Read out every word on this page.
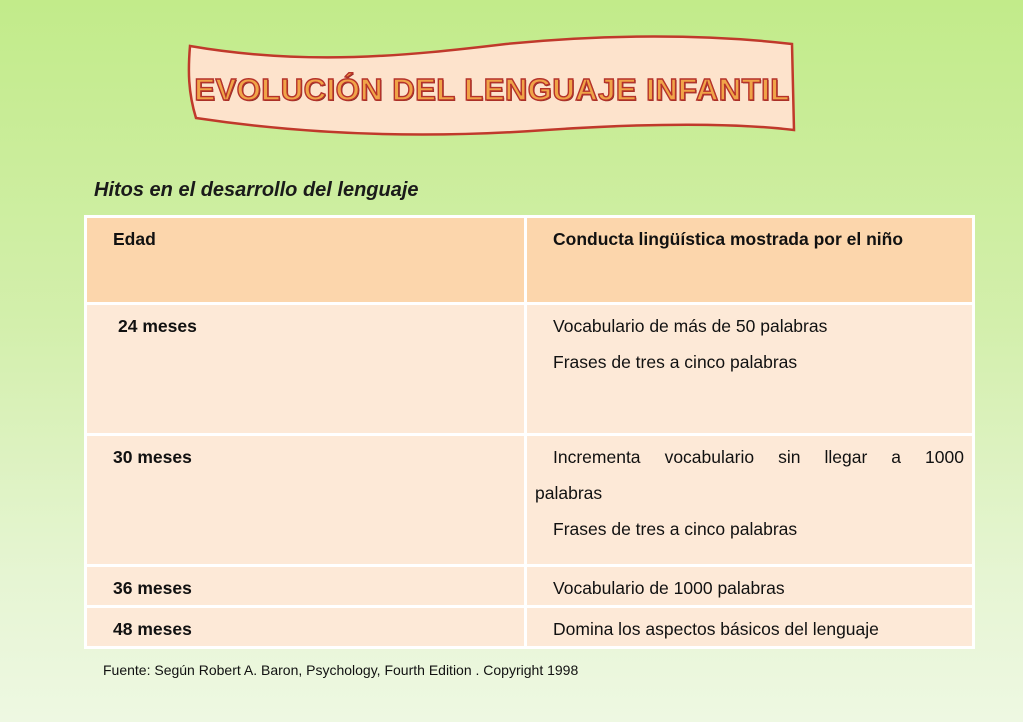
EVOLUCIÓN DEL LENGUAJE INFANTIL
Hitos en el desarrollo del lenguaje
Edad	Conducta lingüística mostrada por el niño

24 meses	Vocabulario de más de 50 palabras
Frases de tres a cinco palabras

30 meses	Incrementa vocabulario sin llegar a 1000
palabras
Frases de tres a cinco palabras

36 meses	Vocabulario de 1000 palabras

48 meses	Domina los aspectos básicos del lenguaje
Fuente: Según Robert A. Baron, Psychology, Fourth Edition . Copyright 1998
